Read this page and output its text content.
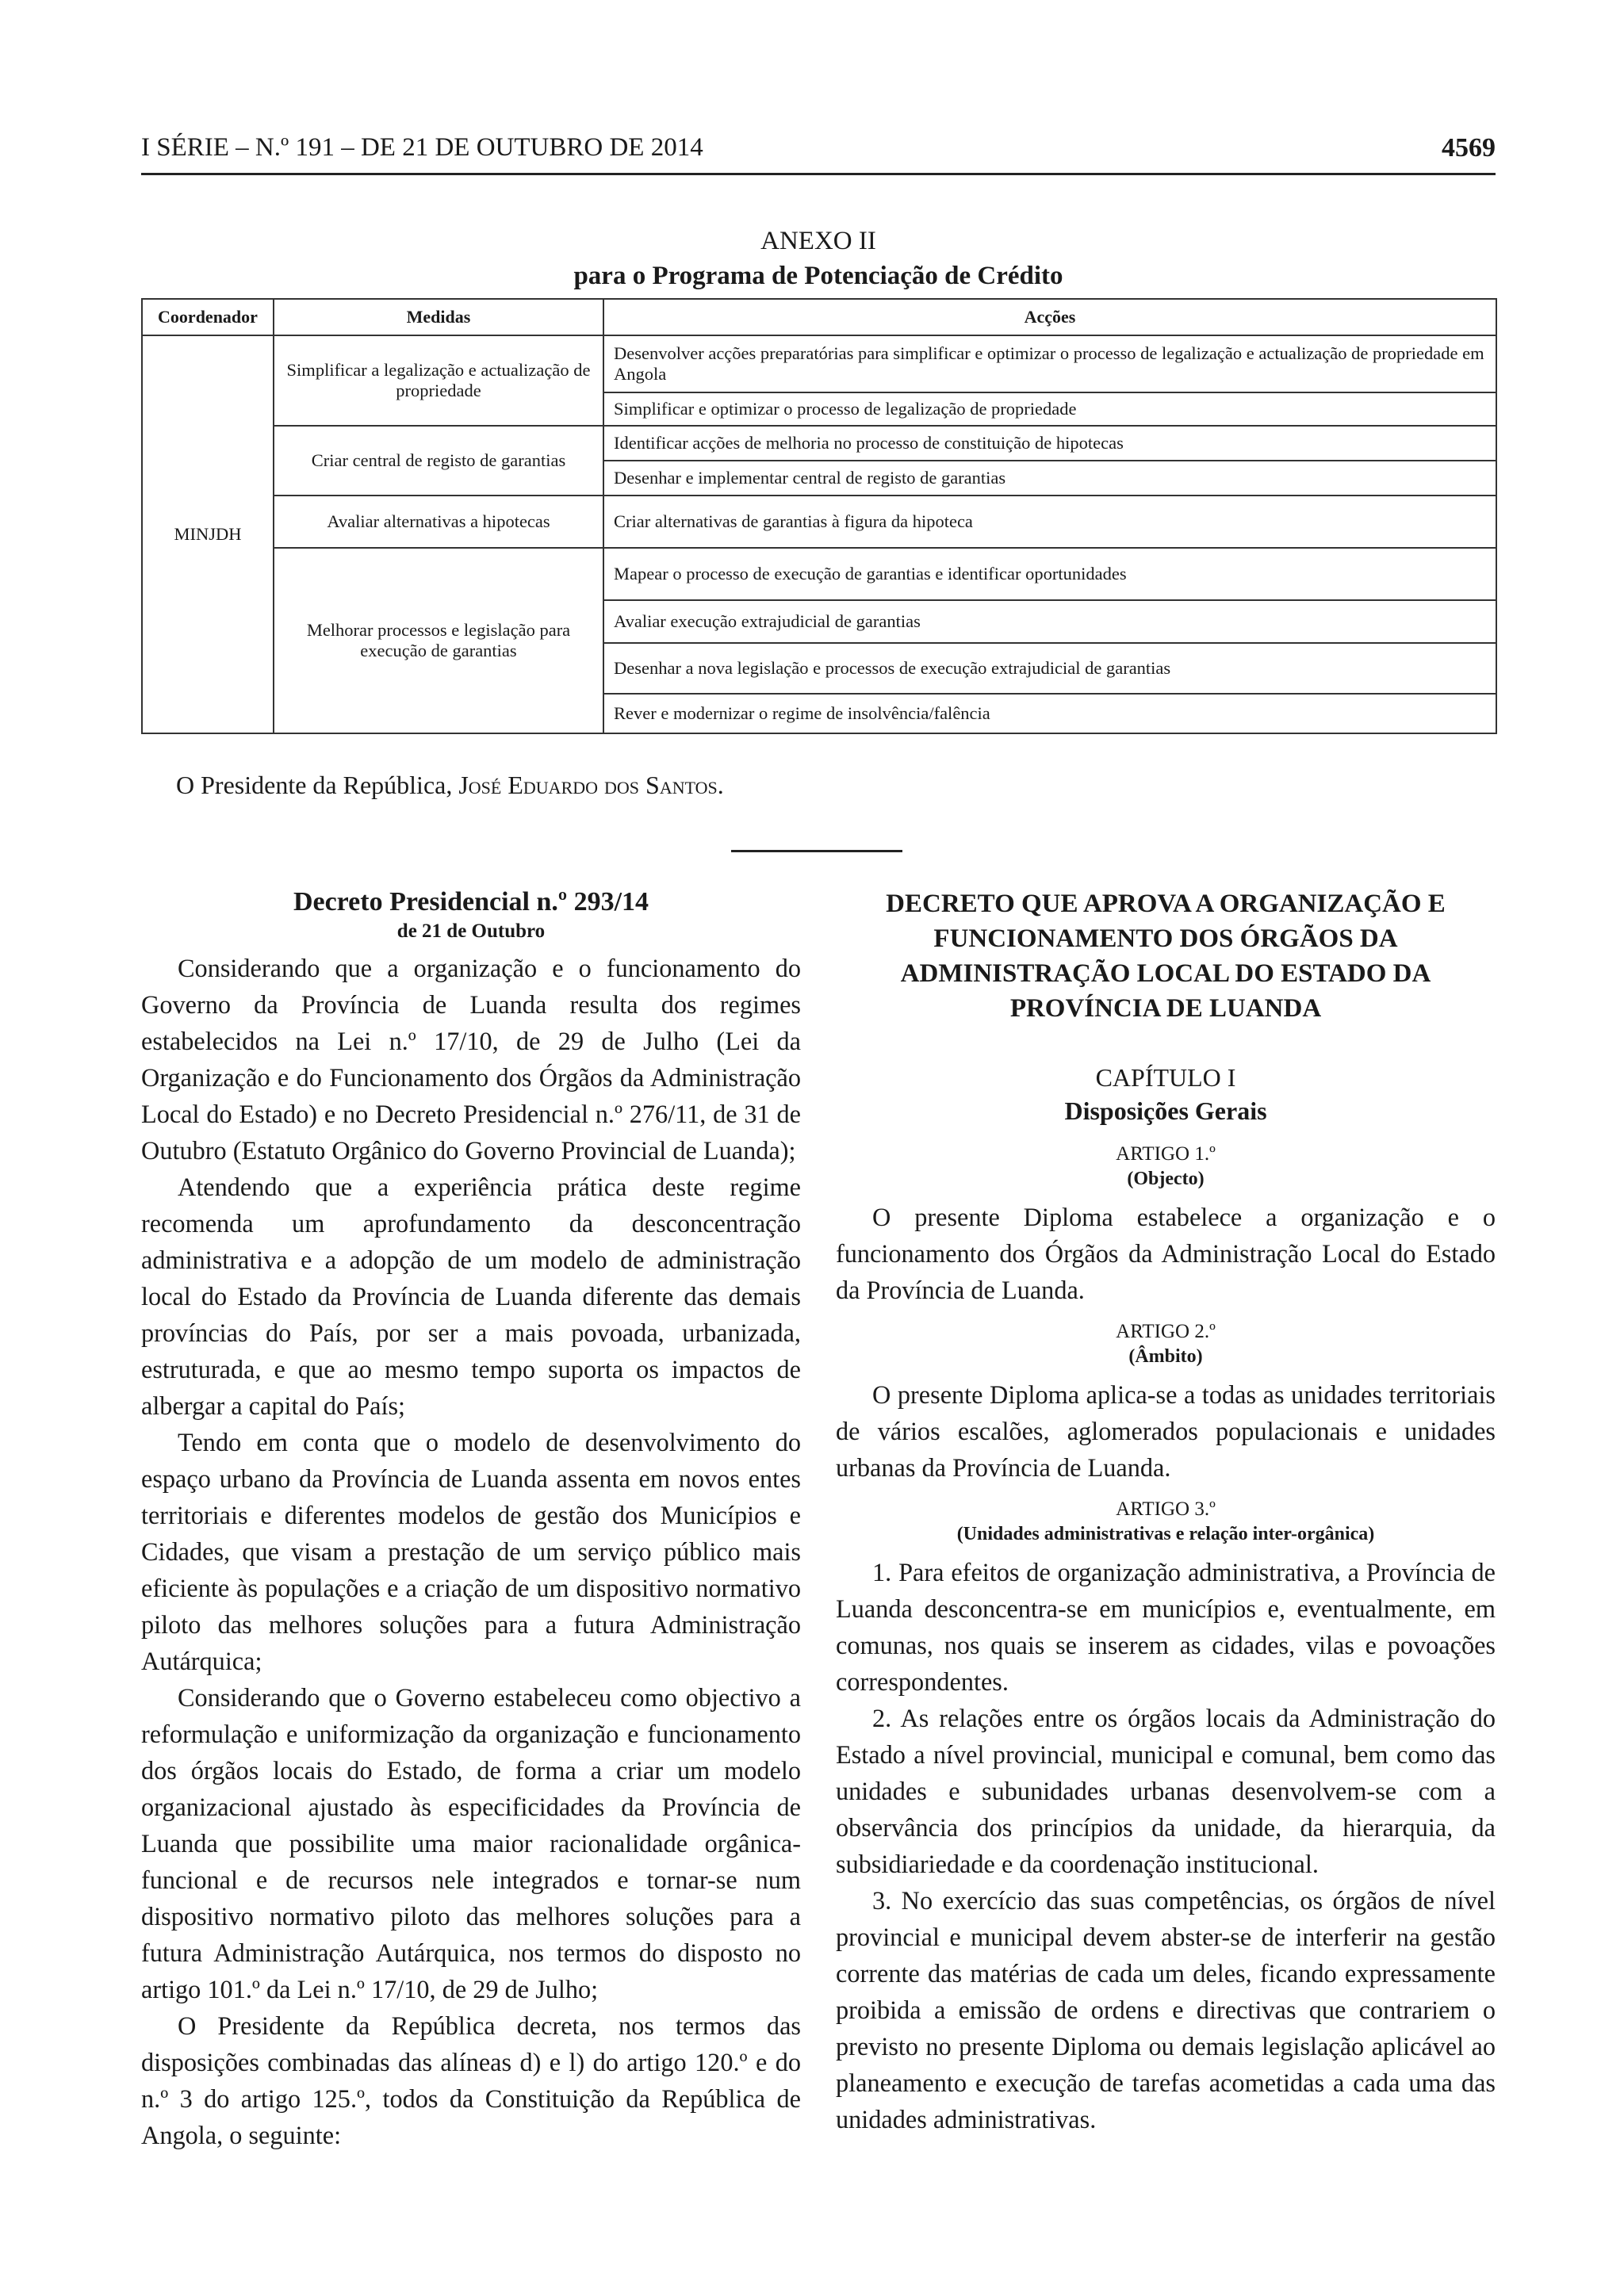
I SÉRIE – N.º 191 – DE 21 DE OUTUBRO DE 2014	4569
ANEXO II
para o Programa de Potenciação de Crédito
Coordenador	Medidas	Acções
MINJDH	Simplificar a legalização e actualização de propriedade	Desenvolver acções preparatórias para simplificar e optimizar o processo de legalização e actualização de propriedade em Angola
		Simplificar e optimizar o processo de legalização de propriedade
	Criar central de registo de garantias	Identificar acções de melhoria no processo de constituição de hipotecas
		Desenhar e implementar central de registo de garantias
	Avaliar alternativas a hipotecas	Criar alternativas de garantias à figura da hipoteca
	Melhorar processos e legislação para execução de garantias	Mapear o processo de execução de garantias e identificar oportunidades
		Avaliar execução extrajudicial de garantias
		Desenhar a nova legislação e processos de execução extrajudicial de garantias
		Rever e modernizar o regime de insolvência/falência
O Presidente da República, José Eduardo dos Santos.
Decreto Presidencial n.º 293/14
de 21 de Outubro

Considerando que a organização e o funcionamento do Governo da Província de Luanda resulta dos regimes estabelecidos na Lei n.º 17/10, de 29 de Julho (Lei da Organização e do Funcionamento dos Órgãos da Administração Local do Estado) e no Decreto Presidencial n.º 276/11, de 31 de Outubro (Estatuto Orgânico do Governo Provincial de Luanda);

Atendendo que a experiência prática deste regime recomenda um aprofundamento da desconcentração administrativa e a adopção de um modelo de administração local do Estado da Província de Luanda diferente das demais províncias do País, por ser a mais povoada, urbanizada, estruturada, e que ao mesmo tempo suporta os impactos de albergar a capital do País;

Tendo em conta que o modelo de desenvolvimento do espaço urbano da Província de Luanda assenta em novos entes territoriais e diferentes modelos de gestão dos Municípios e Cidades, que visam a prestação de um serviço público mais eficiente às populações e a criação de um dispositivo normativo piloto das melhores soluções para a futura Administração Autárquica;

Considerando que o Governo estabeleceu como objectivo a reformulação e uniformização da organização e funcionamento dos órgãos locais do Estado, de forma a criar um modelo organizacional ajustado às especificidades da Província de Luanda que possibilite uma maior racionalidade orgânica-funcional e de recursos nele integrados e tornar-se num dispositivo normativo piloto das melhores soluções para a futura Administração Autárquica, nos termos do disposto no artigo 101.º da Lei n.º 17/10, de 29 de Julho;

O Presidente da República decreta, nos termos das disposições combinadas das alíneas d) e l) do artigo 120.º e do n.º 3 do artigo 125.º, todos da Constituição da República de Angola, o seguinte:

DECRETO QUE APROVA A ORGANIZAÇÃO E FUNCIONAMENTO DOS ÓRGÃOS DA ADMINISTRAÇÃO LOCAL DO ESTADO DA PROVÍNCIA DE LUANDA
CAPÍTULO I
Disposições Gerais
ARTIGO 1.º
(Objecto)

O presente Diploma estabelece a organização e o funcionamento dos Órgãos da Administração Local do Estado da Província de Luanda.

ARTIGO 2.º
(Âmbito)

O presente Diploma aplica-se a todas as unidades territoriais de vários escalões, aglomerados populacionais e unidades urbanas da Província de Luanda.

ARTIGO 3.º
(Unidades administrativas e relação inter-orgânica)

1. Para efeitos de organização administrativa, a Província de Luanda desconcentra-se em municípios e, eventualmente, em comunas, nos quais se inserem as cidades, vilas e povoações correspondentes.

2. As relações entre os órgãos locais da Administração do Estado a nível provincial, municipal e comunal, bem como das unidades e subunidades urbanas desenvolvem-se com a observância dos princípios da unidade, da hierarquia, da subsidiariedade e da coordenação institucional.

3. No exercício das suas competências, os órgãos de nível provincial e municipal devem abster-se de interferir na gestão corrente das matérias de cada um deles, ficando expressamente proibida a emissão de ordens e directivas que contrariem o previsto no presente Diploma ou demais legislação aplicável ao planeamento e execução de tarefas acometidas a cada uma das unidades administrativas.
